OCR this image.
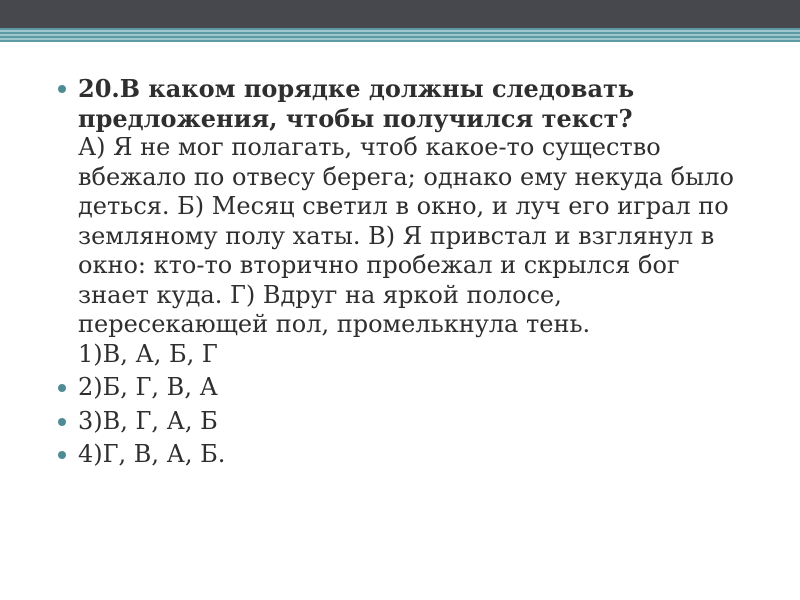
20.В каком порядке должны следовать предложения, чтобы получился текст?
А) Я не мог полагать, чтоб какое-то существо вбежало по отвесу берега; однако ему некуда было деться. Б) Месяц светил в окно, и луч его играл по земляному полу хаты. В) Я привстал и взглянул в окно: кто-то вторично пробежал и скрылся бог знает куда. Г) Вдруг на яркой полосе, пересекающей пол, промелькнула тень.
1)В, А, Б, Г
2)Б, Г, В, А
3)В, Г, А, Б
4)Г, В, А, Б.
